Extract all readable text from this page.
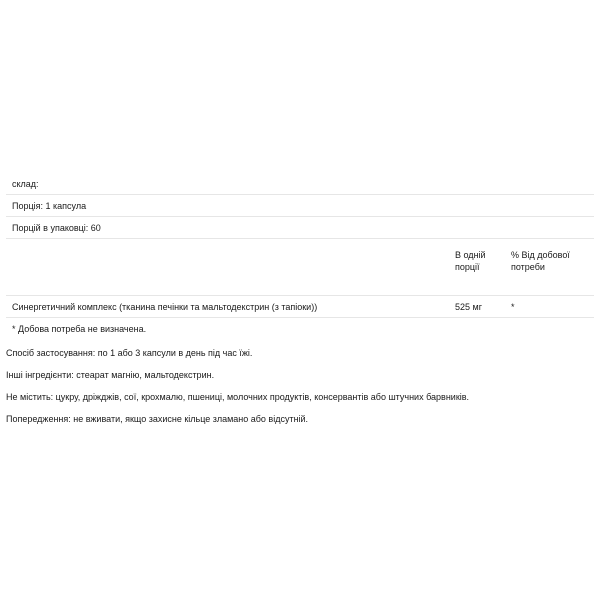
склад:
Порція: 1 капсула
Порцій в упаковці: 60
В одній
порції
% Від добової
потреби
Синергетичний комплекс (тканина печінки та мальтодекстрин (з тапіоки))	525 мг	*
* Добова потреба не визначена.
Спосіб застосування: по 1 або 3 капсули в день під час їжі.
Інші інгредієнти: стеарат магнію, мальтодекстрин.
Не містить: цукру, дріжджів, сої, крохмалю, пшениці, молочних продуктів, консервантів або штучних барвників.
Попередження: не вживати, якщо захисне кільце зламано або відсутній.
